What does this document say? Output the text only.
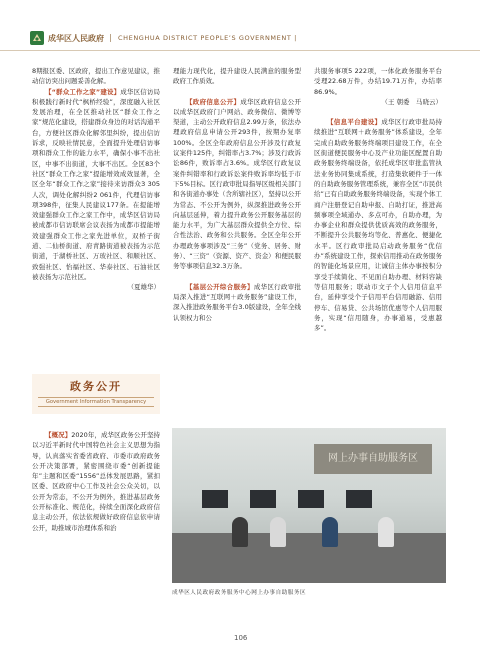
成华区人民政府 | CHENGHUA DISTRICT PEOPLE’S GOVERNMENT |

8期报区委、区政府，提出工作意见建议，推动信访突出问题妥善化解。

【“群众工作之家”建设】成华区信访局积极践行新时代“枫桥经验”，深度融入社区发展治理，在全区推动社区“群众工作之家”规范化建设，搭建群众身边的对话沟通平台，方便社区群众化解邻里纠纷，提出信访诉求，反映社情民意，全面提升处理信访事项和群众工作的能力水平，确保小事不出社区，中事不出街道，大事不出区。全区83个社区“群众工作之家”提能增效成效显著，全区全年“群众工作之家”接待来访群众3 305人次，调处化解纠纷2 061件，代理信访事项398件，征集人民建议177条。在提能增效建强群众工作之家工作中，成华区信访局被成都市信访联席会议表扬为成都市提能增效建强群众工作之家先进单位，双桥子街道、二仙桥街道、府青路街道被表扬为示范街道，于湖桥社区、万玻社区、和顺社区、致强社区、怡福社区、华泰社区、石油社区被表扬为示范社区。

（夏雄华）

政务公开
Government Information Transparency

【概况】2020年，成华区政务公开坚持以习近平新时代中国特色社会主义思想为指导，认真落实省委省政府、市委市政府政务公开决策部署，紧密围绕市委“创新提能年”主题和区委“1556”总体发展思路，紧扣区委、区政府中心工作及社会公众关切，以公开为常态，不公开为例外，推进基层政务公开标准化、规范化，持续全面深化政府信息主动公开，依法依规做好政府信息依申请公开，助推城市治理体系和治

理能力现代化，提升建设人民满意的服务型政府工作质效。

【政府信息公开】成华区政府信息公开以成华区政府门户网站、政务微信、微博等渠道，主动公开政府信息2.99万条，依法办理政府信息申请公开293件，按期办复率100%。全区全年政府信息公开涉及行政复议案件125件，纠错率占3.7%；涉及行政诉讼86件，败诉率占3.6%。成华区行政复议案件纠错率和行政诉讼案件败诉率均低于市下5%目标。区行政审批局指导区级相关部门和各街道办事处（含所辖社区），坚持以公开为常态、不公开为例外，纵深推进政务公开向基层延伸，着力提升政务公开服务基层的能力水平，为广大基层群众提供全方位、综合性法治、政务和公共服务。全区全年公开办理政务事项涉及“三务”（党务、居务、财务）、“三资”（资源、资产、资金）和便民服务等事项信息32.3万条。

【基层公开综合服务】成华区行政审批局深入推进“互联网＋政务服务”建设工作，深入推进政务服务平台3.0版建设，全年全线认领权力和公

共服务事项5 222项，一体化政务服务平台受理22.68万件，办结19.71万件，办结率86.9%。

（王 朝委　马晓云）

【信息平台建设】成华区行政审批局持续推进“互联网＋政务服务”体系建设，全年完成自助政务服务终端项目建设工作，在全区街道便民服务中心及产业功能区配置自助政务服务终端设备，依托成华区审批监管执法业务协同集成系统，打造集软硬件于一体的自助政务服务管理系统，兼容全区“市民供给”已有自助政务服务终端设备，实现个体工商户注册登记自助申报、自助打证，推进高频事项全域通办、多点可办，自助办理，为办事企业和群众提供优质高效的政务服务，不断提升公共服务均等化、普惠化、便捷化水平。区行政审批局启动政务服务“优信办”系统建设工作，探索信用推动在政务服务的智能化场景应用，让诚信主体办事按积分享受手续简化、不见面自助办理、材料容缺等信用服务；联动市文子个人信用信息平台，延伸享受个子信用平台信用融游、信用停车、信易贷、公共场馆优惠等个人信用服务，实现“信用随身，办事通易，受惠越多”。

网上办事自助服务区
成华区人民政府政务服务中心网上办事自助服务区
106
